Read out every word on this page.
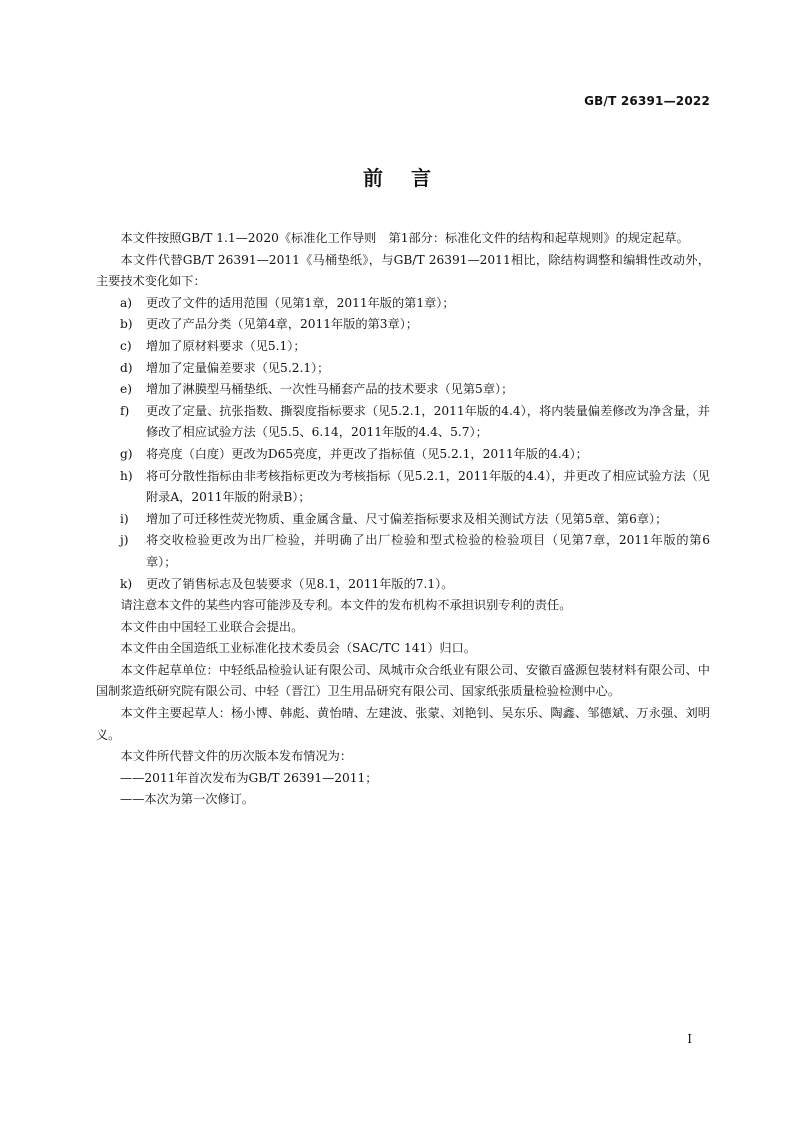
GB/T 26391—2022
前言

本文件按照GB/T 1.1—2020《标准化工作导则　第1部分：标准化文件的结构和起草规则》的规定起草。

本文件代替GB/T 26391—2011《马桶垫纸》，与GB/T 26391—2011相比，除结构调整和编辑性改动外，主要技术变化如下：

a)	更改了文件的适用范围（见第1章，2011年版的第1章）；
b)	更改了产品分类（见第4章，2011年版的第3章）；
c)	增加了原材料要求（见5.1）；
d)	增加了定量偏差要求（见5.2.1）；
e)	增加了淋膜型马桶垫纸、一次性马桶套产品的技术要求（见第5章）；
f)	更改了定量、抗张指数、撕裂度指标要求（见5.2.1，2011年版的4.4），将内装量偏差修改为净含量，并修改了相应试验方法（见5.5、6.14，2011年版的4.4、5.7）；
g)	将亮度（白度）更改为D65亮度，并更改了指标值（见5.2.1，2011年版的4.4）；
h)	将可分散性指标由非考核指标更改为考核指标（见5.2.1，2011年版的4.4），并更改了相应试验方法（见附录A，2011年版的附录B）；
i)	增加了可迁移性荧光物质、重金属含量、尺寸偏差指标要求及相关测试方法（见第5章、第6章）；
j)	将交收检验更改为出厂检验，并明确了出厂检验和型式检验的检验项目（见第7章，2011年版的第6章）；
k)	更改了销售标志及包装要求（见8.1，2011年版的7.1）。

请注意本文件的某些内容可能涉及专利。本文件的发布机构不承担识别专利的责任。

本文件由中国轻工业联合会提出。

本文件由全国造纸工业标准化技术委员会（SAC/TC 141）归口。

本文件起草单位：中轻纸品检验认证有限公司、凤城市众合纸业有限公司、安徽百盛源包装材料有限公司、中国制浆造纸研究院有限公司、中轻（晋江）卫生用品研究有限公司、国家纸张质量检验检测中心。

本文件主要起草人：杨小博、韩彪、黄怡晴、左建波、张蒙、刘艳钊、吴东乐、陶鑫、邹德斌、万永强、刘明义。

本文件所代替文件的历次版本发布情况为：

——2011年首次发布为GB/T 26391—2011；

——本次为第一次修订。

I
